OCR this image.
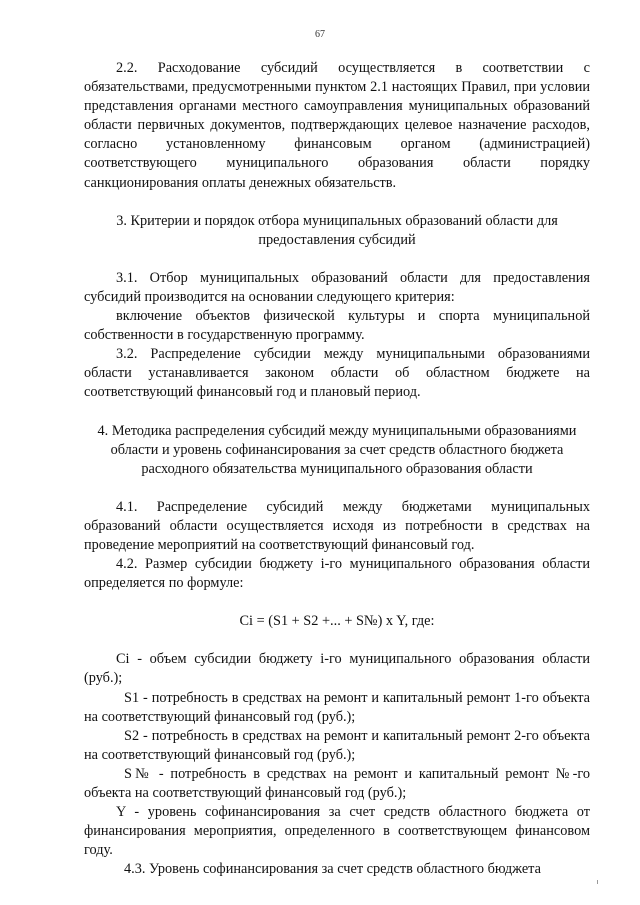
67

2.2. Расходование субсидий осуществляется в соответствии с обязательствами, предусмотренными пунктом 2.1 настоящих Правил, при условии представления органами местного самоуправления муниципальных образований области первичных документов, подтверждающих целевое назначение расходов, согласно установленному финансовым органом (администрацией) соответствующего муниципального образования области порядку санкционирования оплаты денежных обязательств.

3. Критерии и порядок отбора муниципальных образований области для предоставления субсидий

3.1. Отбор муниципальных образований области для предоставления субсидий производится на основании следующего критерия:

включение объектов физической культуры и спорта муниципальной собственности в государственную программу.

3.2. Распределение субсидии между муниципальными образованиями области устанавливается законом области об областном бюджете на соответствующий финансовый год и плановый период.

4. Методика распределения субсидий между муниципальными образованиями области и уровень софинансирования за счет средств областного бюджета расходного обязательства муниципального образования области

4.1. Распределение субсидий между бюджетами муниципальных образований области осуществляется исходя из потребности в средствах на проведение мероприятий на соответствующий финансовый год.

4.2. Размер субсидии бюджету i-го муниципального образования области определяется по формуле:

Ci = (S1 + S2 +... + S№) x Y, где:

Ci - объем субсидии бюджету i-го муниципального образования области (руб.);

S1 - потребность в средствах на ремонт и капитальный ремонт 1-го объекта на соответствующий финансовый год (руб.);

S2 - потребность в средствах на ремонт и капитальный ремонт 2-го объекта на соответствующий финансовый год (руб.);

S№ - потребность в средствах на ремонт и капитальный ремонт №-го объекта на соответствующий финансовый год (руб.);

Y - уровень софинансирования за счет средств областного бюджета от финансирования мероприятия, определенного в соответствующем финансовом году.

4.3. Уровень софинансирования за счет средств областного бюджета
